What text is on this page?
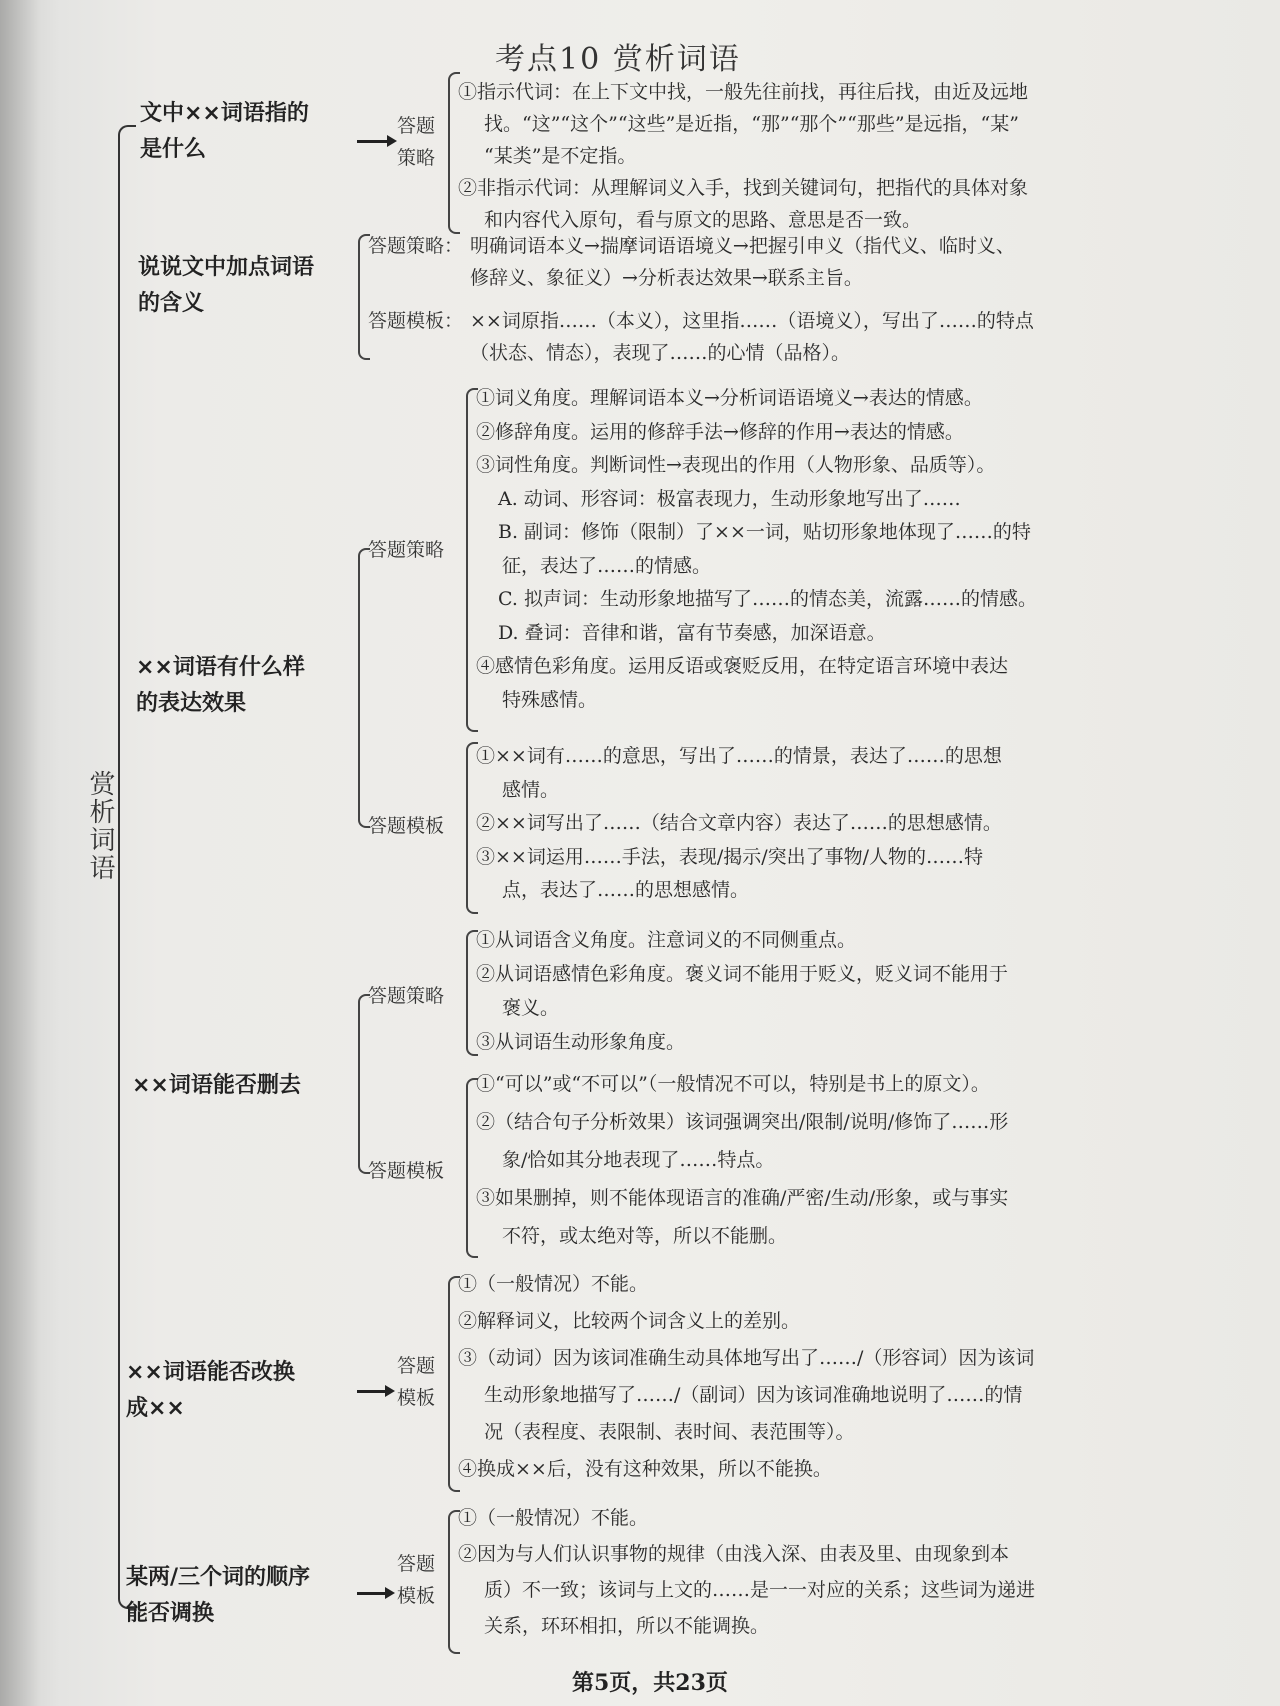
考点10 赏析词语
赏析词语
文中××词语指的
是什么
答题
策略
①指示代词：在上下文中找，一般先往前找，再往后找，由近及远地
找。“这”“这个”“这些”是近指，“那”“那个”“那些”是远指，“某”
“某类”是不定指。
②非指示代词：从理解词义入手，找到关键词句，把指代的具体对象
和内容代入原句，看与原文的思路、意思是否一致。
说说文中加点词语
的含义
答题策略： 明确词语本义→揣摩词语语境义→把握引申义（指代义、临时义、
修辞义、象征义）→分析表达效果→联系主旨。
答题模板： ××词原指……（本义），这里指……（语境义），写出了……的特点
（状态、情态），表现了……的心情（品格）。
××词语有什么样
的表达效果
答题策略
①词义角度。理解词语本义→分析词语语境义→表达的情感。
②修辞角度。运用的修辞手法→修辞的作用→表达的情感。
③词性角度。判断词性→表现出的作用（人物形象、品质等）。
A. 动词、形容词：极富表现力，生动形象地写出了……
B. 副词：修饰（限制）了××一词，贴切形象地体现了……的特
征，表达了……的情感。
C. 拟声词：生动形象地描写了……的情态美，流露……的情感。
D. 叠词：音律和谐，富有节奏感，加深语意。
④感情色彩角度。运用反语或褒贬反用，在特定语言环境中表达
特殊感情。
答题模板
①××词有……的意思，写出了……的情景，表达了……的思想
感情。
②××词写出了……（结合文章内容）表达了……的思想感情。
③××词运用……手法，表现/揭示/突出了事物/人物的……特
点，表达了……的思想感情。
××词语能否删去
答题策略
①从词语含义角度。注意词义的不同侧重点。
②从词语感情色彩角度。褒义词不能用于贬义，贬义词不能用于
褒义。
③从词语生动形象角度。
答题模板
①“可以”或“不可以”（一般情况不可以，特别是书上的原文）。
②（结合句子分析效果）该词强调突出/限制/说明/修饰了……形
象/恰如其分地表现了……特点。
③如果删掉，则不能体现语言的准确/严密/生动/形象，或与事实
不符，或太绝对等，所以不能删。
××词语能否改换
成××
答题
模板
①（一般情况）不能。
②解释词义，比较两个词含义上的差别。
③（动词）因为该词准确生动具体地写出了……/（形容词）因为该词
生动形象地描写了……/（副词）因为该词准确地说明了……的情
况（表程度、表限制、表时间、表范围等）。
④换成××后，没有这种效果，所以不能换。
某两/三个词的顺序
能否调换
答题
模板
①（一般情况）不能。
②因为与人们认识事物的规律（由浅入深、由表及里、由现象到本
质）不一致；该词与上文的……是一一对应的关系；这些词为递进
关系，环环相扣，所以不能调换。
第5页，共23页
